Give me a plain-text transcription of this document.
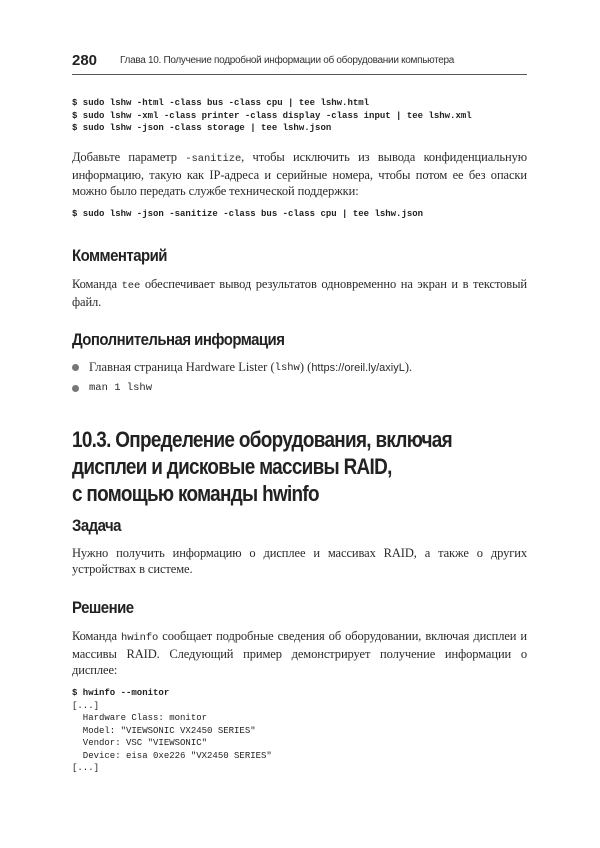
280 Глава 10. Получение подробной информации об оборудовании компьютера
$ sudo lshw -html -class bus -class cpu | tee lshw.html
$ sudo lshw -xml -class printer -class display -class input | tee lshw.xml
$ sudo lshw -json -class storage | tee lshw.json

Добавьте параметр -sanitize, чтобы исключить из вывода конфиденциальную информацию, такую как IP-адреса и серийные номера, чтобы потом ее без опаски можно было передать службе технической поддержки:

$ sudo lshw -json -sanitize -class bus -class cpu | tee lshw.json
Комментарий

Команда tee обеспечивает вывод результатов одновременно на экран и в текстовый файл.

Дополнительная информация
Главная страница Hardware Lister ( lshw ) ( https://oreil.ly/axiyL ).
man 1 lshw
10.3. Определение оборудования, включая
дисплеи и дисковые массивы RAID,
с помощью команды hwinfo
Задача

Нужно получить информацию о дисплее и массивах RAID, а также о других устройствах в системе.

Решение

Команда hwinfo сообщает подробные сведения об оборудовании, включая дисплеи и массивы RAID. Следующий пример демонстрирует получение информации о дисплее:

$ hwinfo --monitor
[...]
Hardware Class: monitor
Model: "VIEWSONIC VX2450 SERIES"
Vendor: VSC "VIEWSONIC"
Device: eisa 0xe226 "VX2450 SERIES"
[...]
